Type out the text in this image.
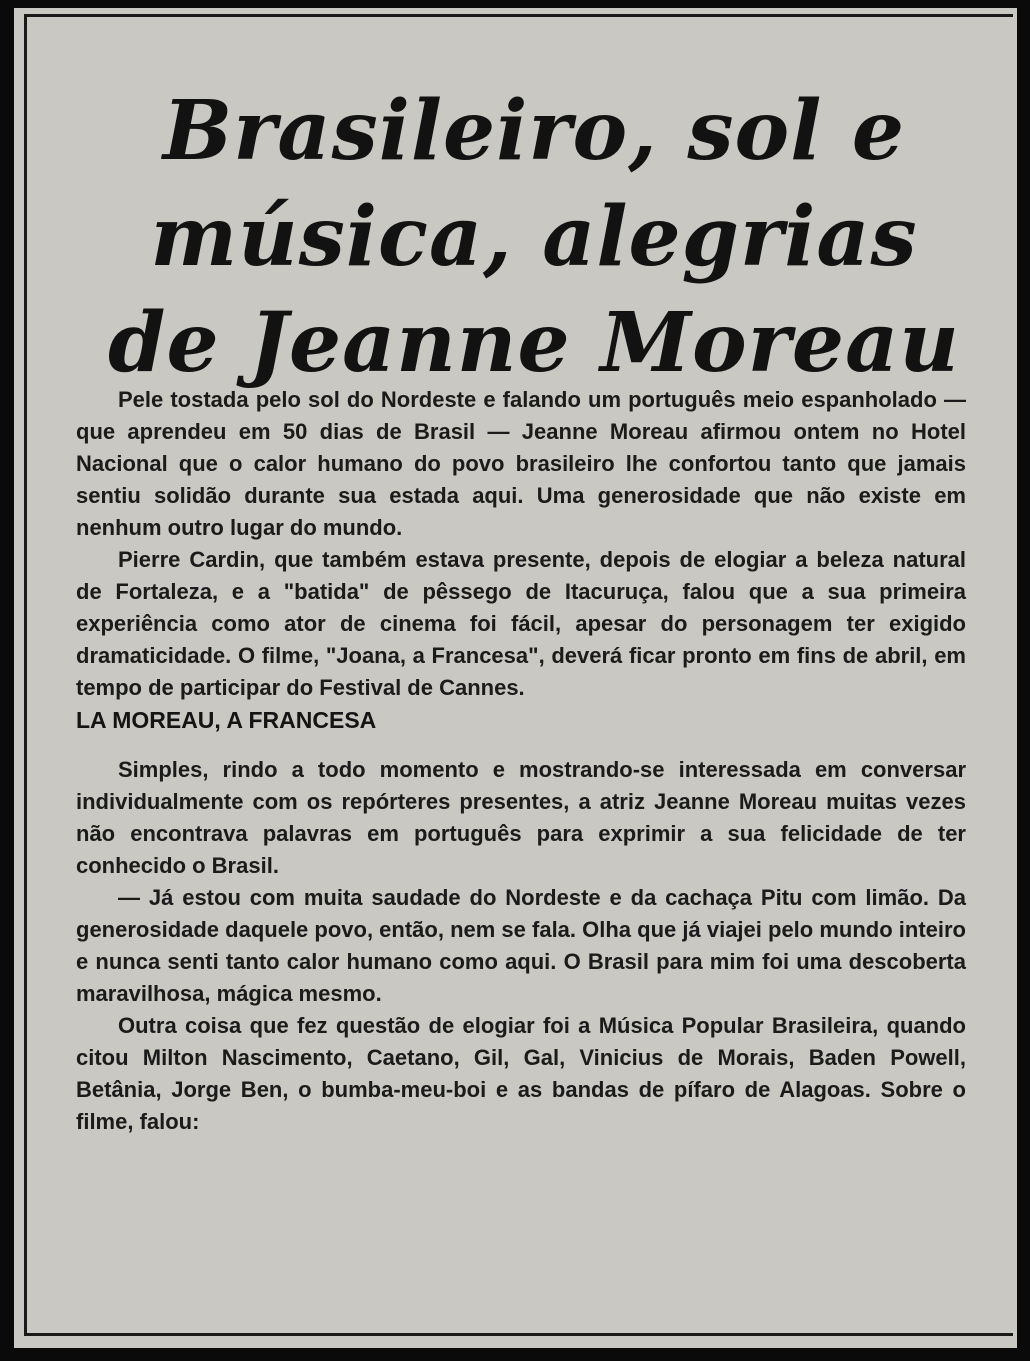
Brasileiro, sol e
música, alegrias
de Jeanne Moreau

Pele tostada pelo sol do Nordeste e falando um português meio espanholado — que aprendeu em 50 dias de Brasil — Jeanne Moreau afirmou ontem no Hotel Nacional que o calor humano do povo brasileiro lhe confortou tanto que jamais sentiu solidão durante sua estada aqui. Uma generosidade que não existe em nenhum outro lugar do mundo.

Pierre Cardin, que também estava presente, depois de elogiar a beleza natural de Fortaleza, e a "batida" de pêssego de Itacuruça, falou que a sua primeira experiência como ator de cinema foi fácil, apesar do personagem ter exigido dramaticidade. O filme, "Joana, a Francesa", deverá ficar pronto em fins de abril, em tempo de participar do Festival de Cannes.

LA MOREAU, A FRANCESA

Simples, rindo a todo momento e mostrando-se interessada em conversar individualmente com os repórteres presentes, a atriz Jeanne Moreau muitas vezes não encontrava palavras em português para exprimir a sua felicidade de ter conhecido o Brasil.

— Já estou com muita saudade do Nordeste e da cachaça Pitu com limão. Da generosidade daquele povo, então, nem se fala. Olha que já viajei pelo mundo inteiro e nunca senti tanto calor humano como aqui. O Brasil para mim foi uma descoberta maravilhosa, mágica mesmo.

Outra coisa que fez questão de elogiar foi a Música Popular Brasileira, quando citou Milton Nascimento, Caetano, Gil, Gal, Vinicius de Morais, Baden Powell, Betânia, Jorge Ben, o bumba-meu-boi e as bandas de pífaro de Alagoas. Sobre o filme, falou:
